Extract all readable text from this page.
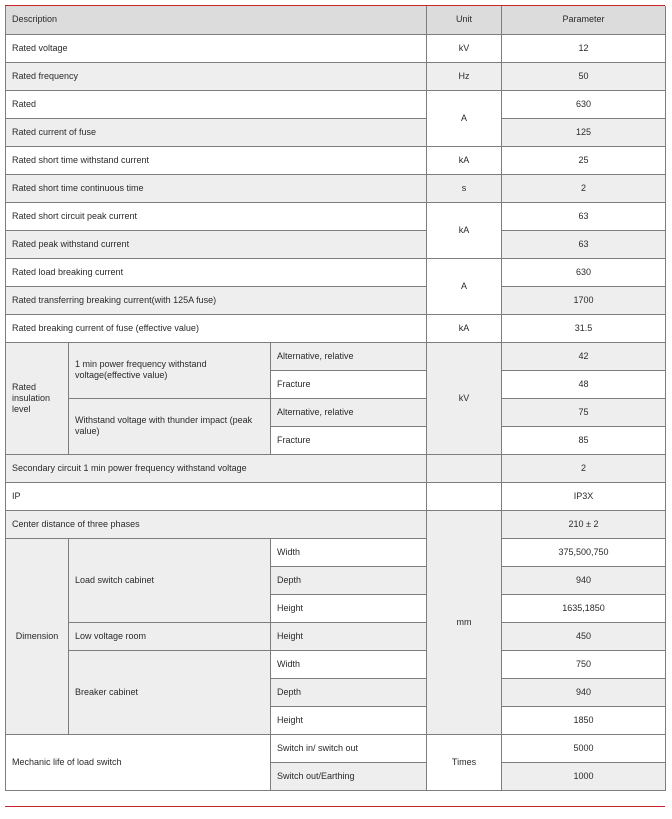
Description			Unit	Parameter
Rated voltage			kV	12
Rated frequency			Hz	50
Rated			A	630
Rated current of fuse				125
Rated short time withstand current			kA	25
Rated short time continuous time			s	2
Rated short circuit peak current			kA	63
Rated peak withstand current				63
Rated load breaking current			A	630
Rated transferring breaking current(with 125A fuse)				1700
Rated breaking current of fuse (effective value)			kA	31.5
Rated insulation level	1 min power frequency withstand voltage(effective value)	Alternative, relative	kV	42
		Fracture		48
	Withstand voltage with thunder impact (peak value)	Alternative, relative		75
		Fracture		85
Secondary circuit 1 min power frequency withstand voltage				2
IP				IP3X
Center distance of three phases			mm	210 ± 2
Dimension	Load switch cabinet	Width		375,500,750
		Depth		940
		Height		1635,1850
	Low voltage room	Height		450
	Breaker cabinet	Width		750
		Depth		940
		Height		1850
Mechanic life of load switch		Switch in/ switch out	Times	5000
		Switch out/Earthing		1000
